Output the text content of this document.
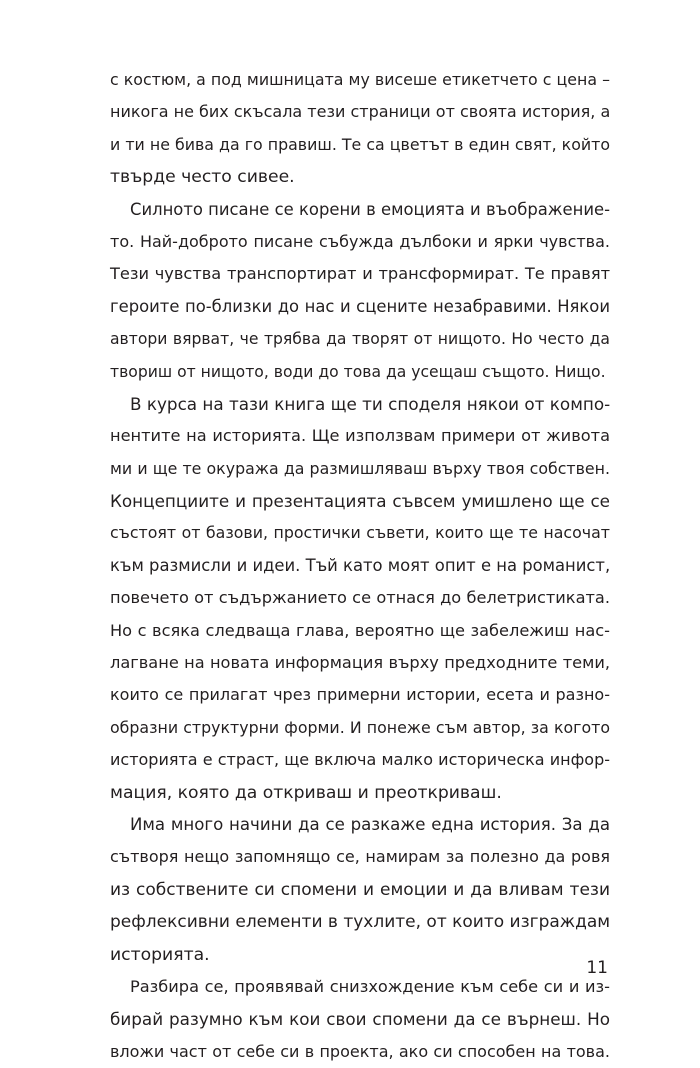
с костюм, а под мишницата му висеше етикетчето с цена –
никога не бих скъсала тези страници от своята история, а
и ти не бива да го правиш. Те са цветът в един свят, който
твърде често сивее.
Силното писане се корени в емоцията и въображение-
то. Най-доброто писане събужда дълбоки и ярки чувства.
Тези чувства транспортират и трансформират. Те правят
героите по-близки до нас и сцените незабравими. Някои
автори вярват, че трябва да творят от нищото. Но често да
твориш от нищото, води до това да усещаш същото. Нищо.
В курса на тази книга ще ти споделя някои от компо-
нентите на историята. Ще използвам примери от живота
ми и ще те окуража да размишляваш върху твоя собствен.
Концепциите и презентацията съвсем умишлено ще се
състоят от базови, простички съвети, които ще те насочат
към размисли и идеи. Тъй като моят опит е на романист,
повечето от съдържанието се отнася до белетристиката.
Но с всяка следваща глава, вероятно ще забележиш нас-
лагване на новата информация върху предходните теми,
които се прилагат чрез примерни истории, есета и разно-
образни структурни форми. И понеже съм автор, за когото
историята е страст, ще включа малко историческа инфор-
мация, която да откриваш и преоткриваш.
Има много начини да се разкаже една история. За да
сътворя нещо запомнящо се, намирам за полезно да ровя
из собствените си спомени и емоции и да вливам тези
рефлексивни елементи в тухлите, от които изграждам
историята.
Разбира се, проявявай снизхождение към себе си и из-
бирай разумно към кои свои спомени да се върнеш. Но
вложи част от себе си в проекта, ако си способен на това.
11
